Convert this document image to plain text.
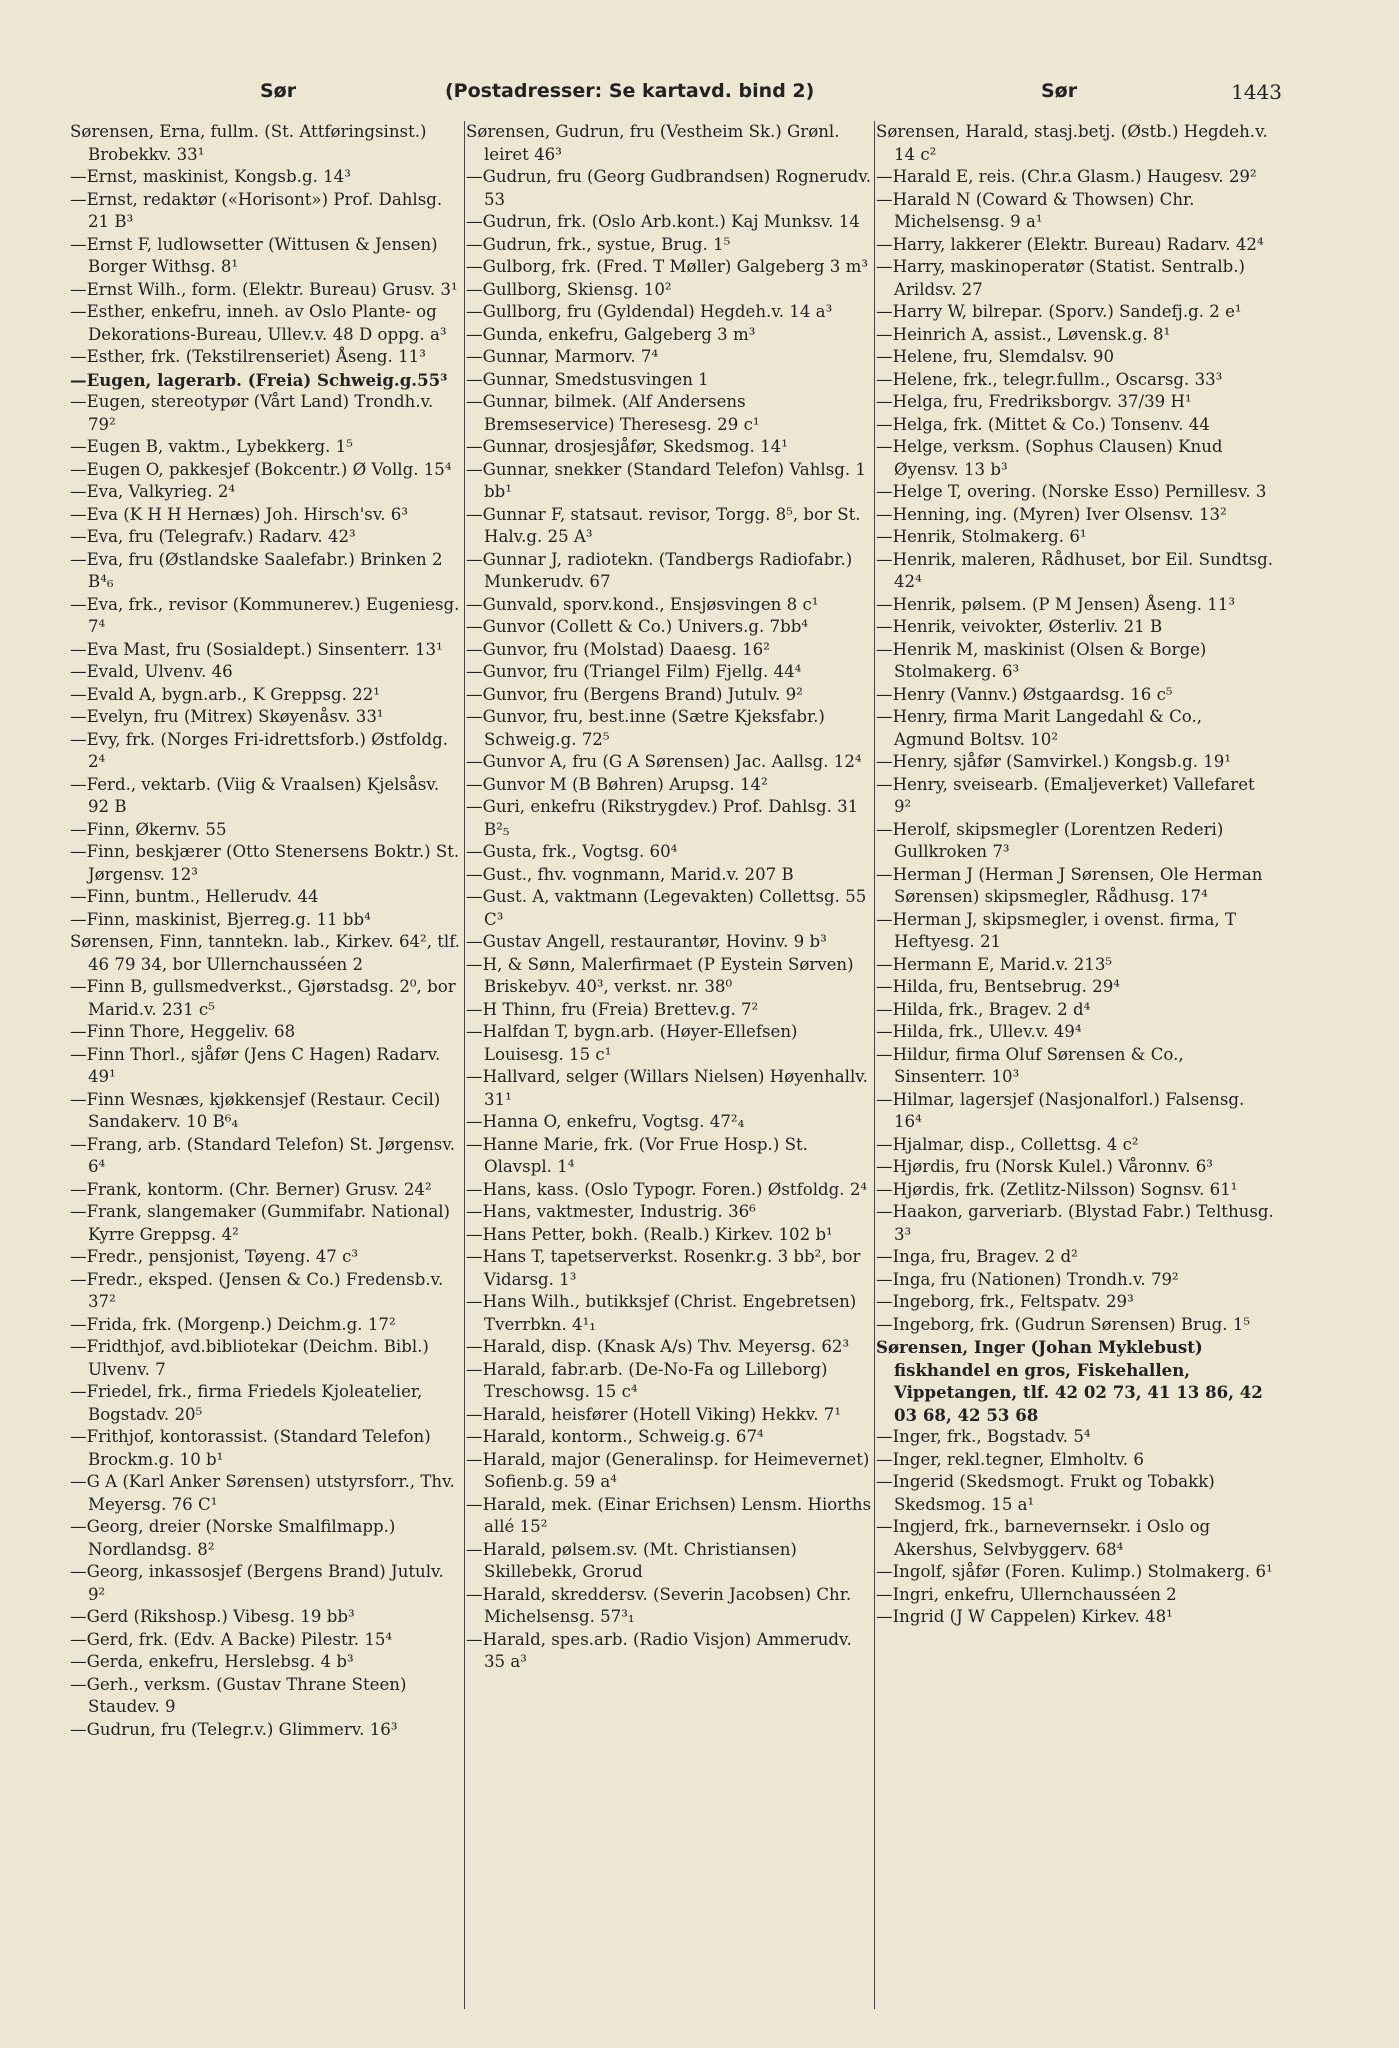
Sør	(Postadresser: Se kartavd. bind 2)	Sør	1443
Sørensen, Erna, fullm. (St. Attføringsinst.) Brobekkv. 33¹
—Ernst, maskinist, Kongsb.g. 14³
—Ernst, redaktør («Horisont») Prof. Dahlsg. 21 B³
—Ernst F, ludlowsetter (Wittusen & Jensen) Borger Withsg. 8¹
—Ernst Wilh., form. (Elektr. Bureau) Grusv. 3¹
—Esther, enkefru, inneh. av Oslo Plante- og Dekorations-Bureau, Ullev.v. 48 D oppg. a³
—Esther, frk. (Tekstilrenseriet) Åseng. 11³
—Eugen, lagerarb. (Freia) Schweig.g.55³
—Eugen, stereotypør (Vårt Land) Trondh.v. 79²
—Eugen B, vaktm., Lybekkerg. 1⁵
—Eugen O, pakkesjef (Bokcentr.) Ø Vollg. 15⁴
—Eva, Valkyrieg. 2⁴
—Eva (K H H Hernæs) Joh. Hirsch'sv. 6³
—Eva, fru (Telegrafv.) Radarv. 42³
—Eva, fru (Østlandske Saalefabr.) Brinken 2 B⁴₆
—Eva, frk., revisor (Kommunerev.) Eugeniesg. 7⁴
—Eva Mast, fru (Sosialdept.) Sinsenterr. 13¹
—Evald, Ulvenv. 46
—Evald A, bygn.arb., K Greppsg. 22¹
—Evelyn, fru (Mitrex) Skøyenåsv. 33¹
—Evy, frk. (Norges Fri-idrettsforb.) Østfoldg. 2⁴
—Ferd., vektarb. (Viig & Vraalsen) Kjelsåsv. 92 B
—Finn, Økernv. 55
—Finn, beskjærer (Otto Stenersens Boktr.) St. Jørgensv. 12³
—Finn, buntm., Hellerudv. 44
—Finn, maskinist, Bjerreg.g. 11 bb⁴
Sørensen, Finn, tanntekn. lab., Kirkev. 64², tlf. 46 79 34, bor Ullernchausséen 2
—Finn B, gullsmedverkst., Gjørstadsg. 2⁰, bor Marid.v. 231 c⁵
—Finn Thore, Heggeliv. 68
—Finn Thorl., sjåfør (Jens C Hagen) Radarv. 49¹
—Finn Wesnæs, kjøkkensjef (Restaur. Cecil) Sandakerv. 10 B⁶₄
—Frang, arb. (Standard Telefon) St. Jørgensv. 6⁴
—Frank, kontorm. (Chr. Berner) Grusv. 24²
—Frank, slangemaker (Gummifabr. National) Kyrre Greppsg. 4²
—Fredr., pensjonist, Tøyeng. 47 c³
—Fredr., eksped. (Jensen & Co.) Fredensb.v. 37²
—Frida, frk. (Morgenp.) Deichm.g. 17²
—Fridthjof, avd.bibliotekar (Deichm. Bibl.) Ulvenv. 7
—Friedel, frk., firma Friedels Kjoleatelier, Bogstadv. 20⁵
—Frithjof, kontorassist. (Standard Telefon) Brockm.g. 10 b¹
—G A (Karl Anker Sørensen) utstyrsforr., Thv. Meyersg. 76 C¹
—Georg, dreier (Norske Smalfilmapp.) Nordlandsg. 8²
—Georg, inkassosjef (Bergens Brand) Jutulv. 9²
—Gerd (Rikshosp.) Vibesg. 19 bb³
—Gerd, frk. (Edv. A Backe) Pilestr. 15⁴
—Gerda, enkefru, Herslebsg. 4 b³
—Gerh., verksm. (Gustav Thrane Steen) Staudev. 9
—Gudrun, fru (Telegr.v.) Glimmerv. 16³
Sørensen, Gudrun, fru (Vestheim Sk.) Grønl. leiret 46³
—Gudrun, fru (Georg Gudbrandsen) Rognerudv. 53
—Gudrun, frk. (Oslo Arb.kont.) Kaj Munksv. 14
—Gudrun, frk., systue, Brug. 1⁵
—Gulborg, frk. (Fred. T Møller) Galgeberg 3 m³
—Gullborg, Skiensg. 10²
—Gullborg, fru (Gyldendal) Hegdeh.v. 14 a³
—Gunda, enkefru, Galgeberg 3 m³
—Gunnar, Marmorv. 7⁴
—Gunnar, Smedstusvingen 1
—Gunnar, bilmek. (Alf Andersens Bremseservice) Theresesg. 29 c¹
—Gunnar, drosjesjåfør, Skedsmog. 14¹
—Gunnar, snekker (Standard Telefon) Vahlsg. 1 bb¹
—Gunnar F, statsaut. revisor, Torgg. 8⁵, bor St. Halv.g. 25 A³
—Gunnar J, radiotekn. (Tandbergs Radiofabr.) Munkerudv. 67
—Gunvald, sporv.kond., Ensjøsvingen 8 c¹
—Gunvor (Collett & Co.) Univers.g. 7bb⁴
—Gunvor, fru (Molstad) Daaesg. 16²
—Gunvor, fru (Triangel Film) Fjellg. 44⁴
—Gunvor, fru (Bergens Brand) Jutulv. 9²
—Gunvor, fru, best.inne (Sætre Kjeksfabr.) Schweig.g. 72⁵
—Gunvor A, fru (G A Sørensen) Jac. Aallsg. 12⁴
—Gunvor M (B Bøhren) Arupsg. 14²
—Guri, enkefru (Rikstrygdev.) Prof. Dahlsg. 31 B²₅
—Gusta, frk., Vogtsg. 60⁴
—Gust., fhv. vognmann, Marid.v. 207 B
—Gust. A, vaktmann (Legevakten) Collettsg. 55 C³
—Gustav Angell, restaurantør, Hovinv. 9 b³
—H, & Sønn, Malerfirmaet (P Eystein Sørven) Briskebyv. 40³, verkst. nr. 38⁰
—H Thinn, fru (Freia) Brettev.g. 7²
—Halfdan T, bygn.arb. (Høyer-Ellefsen) Louisesg. 15 c¹
—Hallvard, selger (Willars Nielsen) Høyenhallv. 31¹
—Hanna O, enkefru, Vogtsg. 47²₄
—Hanne Marie, frk. (Vor Frue Hosp.) St. Olavspl. 1⁴
—Hans, kass. (Oslo Typogr. Foren.) Østfoldg. 2⁴
—Hans, vaktmester, Industrig. 36⁶
—Hans Petter, bokh. (Realb.) Kirkev. 102 b¹
—Hans T, tapetserverkst. Rosenkr.g. 3 bb², bor Vidarsg. 1³
—Hans Wilh., butikksjef (Christ. Engebretsen) Tverrbkn. 4¹₁
—Harald, disp. (Knask A/s) Thv. Meyersg. 62³
—Harald, fabr.arb. (De-No-Fa og Lilleborg) Treschowsg. 15 c⁴
—Harald, heisfører (Hotell Viking) Hekkv. 7¹
—Harald, kontorm., Schweig.g. 67⁴
—Harald, major (Generalinsp. for Heimevernet) Sofienb.g. 59 a⁴
—Harald, mek. (Einar Erichsen) Lensm. Hiorths allé 15²
—Harald, pølsem.sv. (Mt. Christiansen) Skillebekk, Grorud
—Harald, skreddersv. (Severin Jacobsen) Chr. Michelsensg. 57³₁
—Harald, spes.arb. (Radio Visjon) Ammerudv. 35 a³
Sørensen, Harald, stasj.betj. (Østb.) Hegdeh.v. 14 c²
—Harald E, reis. (Chr.a Glasm.) Haugesv. 29²
—Harald N (Coward & Thowsen) Chr. Michelsensg. 9 a¹
—Harry, lakkerer (Elektr. Bureau) Radarv. 42⁴
—Harry, maskinoperatør (Statist. Sentralb.) Arildsv. 27
—Harry W, bilrepar. (Sporv.) Sandefj.g. 2 e¹
—Heinrich A, assist., Løvensk.g. 8¹
—Helene, fru, Slemdalsv. 90
—Helene, frk., telegr.fullm., Oscarsg. 33³
—Helga, fru, Fredriksborgv. 37/39 H¹
—Helga, frk. (Mittet & Co.) Tonsenv. 44
—Helge, verksm. (Sophus Clausen) Knud Øyensv. 13 b³
—Helge T, overing. (Norske Esso) Pernillesv. 3
—Henning, ing. (Myren) Iver Olsensv. 13²
—Henrik, Stolmakerg. 6¹
—Henrik, maleren, Rådhuset, bor Eil. Sundtsg. 42⁴
—Henrik, pølsem. (P M Jensen) Åseng. 11³
—Henrik, veivokter, Østerliv. 21 B
—Henrik M, maskinist (Olsen & Borge) Stolmakerg. 6³
—Henry (Vannv.) Østgaardsg. 16 c⁵
—Henry, firma Marit Langedahl & Co., Agmund Boltsv. 10²
—Henry, sjåfør (Samvirkel.) Kongsb.g. 19¹
—Henry, sveisearb. (Emaljeverket) Vallefaret 9²
—Herolf, skipsmegler (Lorentzen Rederi) Gullkroken 7³
—Herman J (Herman J Sørensen, Ole Herman Sørensen) skipsmegler, Rådhusg. 17⁴
—Herman J, skipsmegler, i ovenst. firma, T Heftyesg. 21
—Hermann E, Marid.v. 213⁵
—Hilda, fru, Bentsebrug. 29⁴
—Hilda, frk., Bragev. 2 d⁴
—Hilda, frk., Ullev.v. 49⁴
—Hildur, firma Oluf Sørensen & Co., Sinsenterr. 10³
—Hilmar, lagersjef (Nasjonalforl.) Falsensg. 16⁴
—Hjalmar, disp., Collettsg. 4 c²
—Hjørdis, fru (Norsk Kulel.) Våronnv. 6³
—Hjørdis, frk. (Zetlitz-Nilsson) Sognsv. 61¹
—Haakon, garveriarb. (Blystad Fabr.) Telthusg. 3³
—Inga, fru, Bragev. 2 d²
—Inga, fru (Nationen) Trondh.v. 79²
—Ingeborg, frk., Feltspatv. 29³
—Ingeborg, frk. (Gudrun Sørensen) Brug. 1⁵
Sørensen, Inger (Johan Myklebust) fiskhandel en gros, Fiskehallen, Vippetangen, tlf. 42 02 73, 41 13 86, 42 03 68, 42 53 68
—Inger, frk., Bogstadv. 5⁴
—Inger, rekl.tegner, Elmholtv. 6
—Ingerid (Skedsmogt. Frukt og Tobakk) Skedsmog. 15 a¹
—Ingjerd, frk., barnevernsekr. i Oslo og Akershus, Selvbyggerv. 68⁴
—Ingolf, sjåfør (Foren. Kulimp.) Stolmakerg. 6¹
—Ingri, enkefru, Ullernchausséen 2
—Ingrid (J W Cappelen) Kirkev. 48¹
